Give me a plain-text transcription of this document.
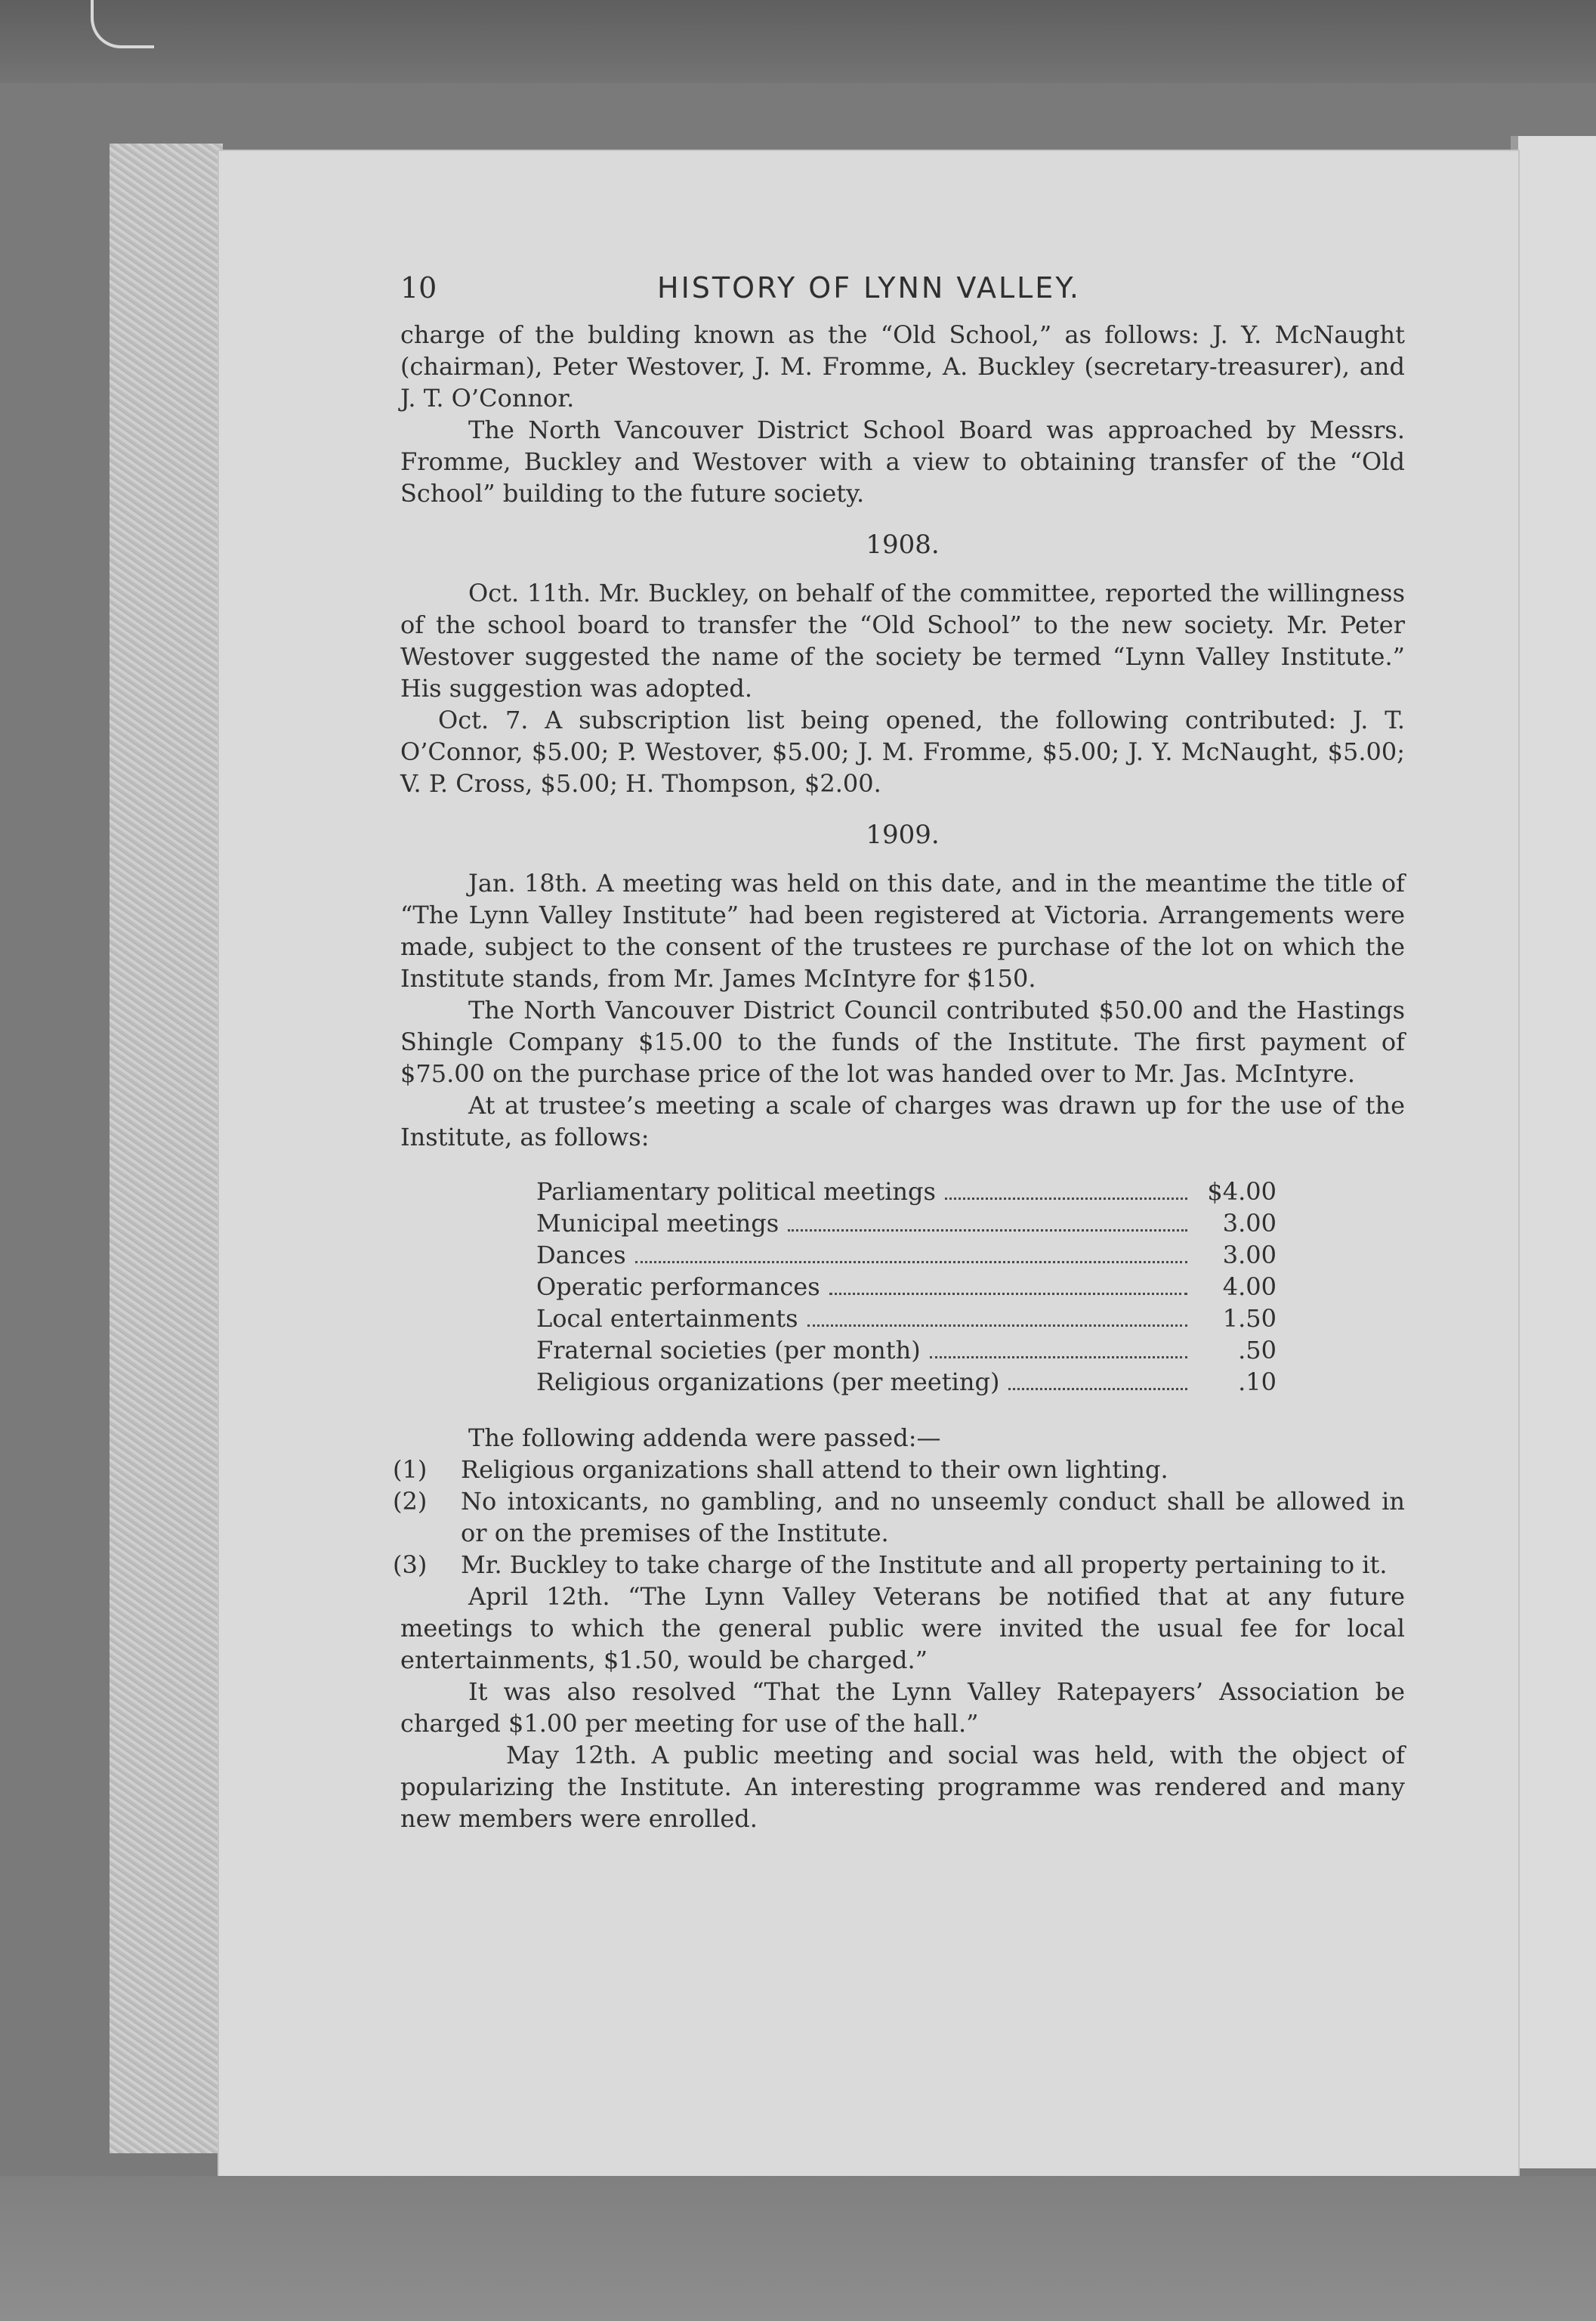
10	HISTORY OF LYNN VALLEY.

charge of the bulding known as the “Old School,” as follows: J. Y. McNaught (chairman), Peter Westover, J. M. Fromme, A. Buckley (secretary-treasurer), and J. T. O’Connor.

The North Vancouver District School Board was approached by Messrs. Fromme, Buckley and Westover with a view to obtaining transfer of the “Old School” building to the future society.

1908.

Oct. 11th. Mr. Buckley, on behalf of the committee, reported the willingness of the school board to transfer the “Old School” to the new society. Mr. Peter Westover suggested the name of the society be termed “Lynn Valley Institute.” His suggestion was adopted.

Oct. 7. A subscription list being opened, the following contributed: J. T. O’Connor, $5.00; P. Westover, $5.00; J. M. Fromme, $5.00; J. Y. McNaught, $5.00; V. P. Cross, $5.00; H. Thompson, $2.00.

1909.

Jan. 18th. A meeting was held on this date, and in the meantime the title of “The Lynn Valley Institute” had been registered at Victoria. Arrangements were made, subject to the consent of the trustees re purchase of the lot on which the Institute stands, from Mr. James McIntyre for $150.

The North Vancouver District Council contributed $50.00 and the Hastings Shingle Company $15.00 to the funds of the Institute. The first payment of $75.00 on the purchase price of the lot was handed over to Mr. Jas. McIntyre.

At at trustee’s meeting a scale of charges was drawn up for the use of the Institute, as follows:

Parliamentary political meetings	$4.00
Municipal meetings	3.00
Dances	3.00
Operatic performances	4.00
Local entertainments	1.50
Fraternal societies (per month)	.50
Religious organizations (per meeting)	.10

The following addenda were passed:—

(1)	Religious organizations shall attend to their own lighting.
(2)	No intoxicants, no gambling, and no unseemly conduct shall be allowed in or on the premises of the Institute.
(3)	Mr. Buckley to take charge of the Institute and all property pertaining to it.

April 12th. “The Lynn Valley Veterans be notified that at any future meetings to which the general public were invited the usual fee for local entertainments, $1.50, would be charged.”

It was also resolved “That the Lynn Valley Ratepayers’ Association be charged $1.00 per meeting for use of the hall.”

May 12th. A public meeting and social was held, with the object of popularizing the Institute. An interesting programme was rendered and many new members were enrolled.
